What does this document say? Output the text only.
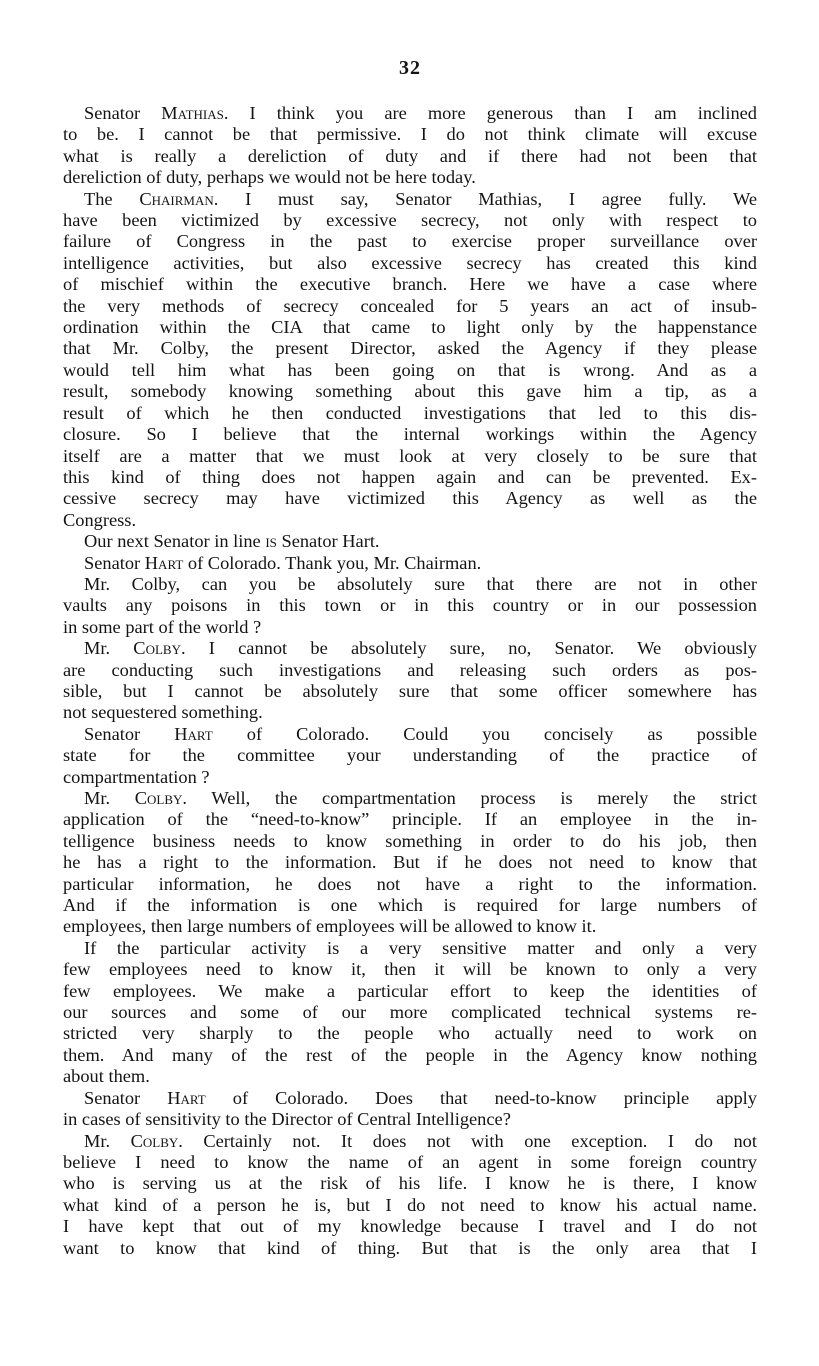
32
Senator Mathias. I think you are more generous than I am inclined
to be. I cannot be that permissive. I do not think climate will excuse
what is really a dereliction of duty and if there had not been that
dereliction of duty, perhaps we would not be here today.
The Chairman. I must say, Senator Mathias, I agree fully. We
have been victimized by excessive secrecy, not only with respect to
failure of Congress in the past to exercise proper surveillance over
intelligence activities, but also excessive secrecy has created this kind
of mischief within the executive branch. Here we have a case where
the very methods of secrecy concealed for 5 years an act of insub-
ordination within the CIA that came to light only by the happenstance
that Mr. Colby, the present Director, asked the Agency if they please
would tell him what has been going on that is wrong. And as a
result, somebody knowing something about this gave him a tip, as a
result of which he then conducted investigations that led to this dis-
closure. So I believe that the internal workings within the Agency
itself are a matter that we must look at very closely to be sure that
this kind of thing does not happen again and can be prevented. Ex-
cessive secrecy may have victimized this Agency as well as the
Congress.
Our next Senator in line is Senator Hart.
Senator Hart of Colorado. Thank you, Mr. Chairman.
Mr. Colby, can you be absolutely sure that there are not in other
vaults any poisons in this town or in this country or in our possession
in some part of the world ?
Mr. Colby. I cannot be absolutely sure, no, Senator. We obviously
are conducting such investigations and releasing such orders as pos-
sible, but I cannot be absolutely sure that some officer somewhere has
not sequestered something.
Senator Hart of Colorado. Could you concisely as possible
state for the committee your understanding of the practice of
compartmentation ?
Mr. Colby. Well, the compartmentation process is merely the strict
application of the “need-to-know” principle. If an employee in the in-
telligence business needs to know something in order to do his job, then
he has a right to the information. But if he does not need to know that
particular information, he does not have a right to the information.
And if the information is one which is required for large numbers of
employees, then large numbers of employees will be allowed to know it.
If the particular activity is a very sensitive matter and only a very
few employees need to know it, then it will be known to only a very
few employees. We make a particular effort to keep the identities of
our sources and some of our more complicated technical systems re-
stricted very sharply to the people who actually need to work on
them. And many of the rest of the people in the Agency know nothing
about them.
Senator Hart of Colorado. Does that need-to-know principle apply
in cases of sensitivity to the Director of Central Intelligence?
Mr. Colby. Certainly not. It does not with one exception. I do not
believe I need to know the name of an agent in some foreign country
who is serving us at the risk of his life. I know he is there, I know
what kind of a person he is, but I do not need to know his actual name.
I have kept that out of my knowledge because I travel and I do not
want to know that kind of thing. But that is the only area that I
